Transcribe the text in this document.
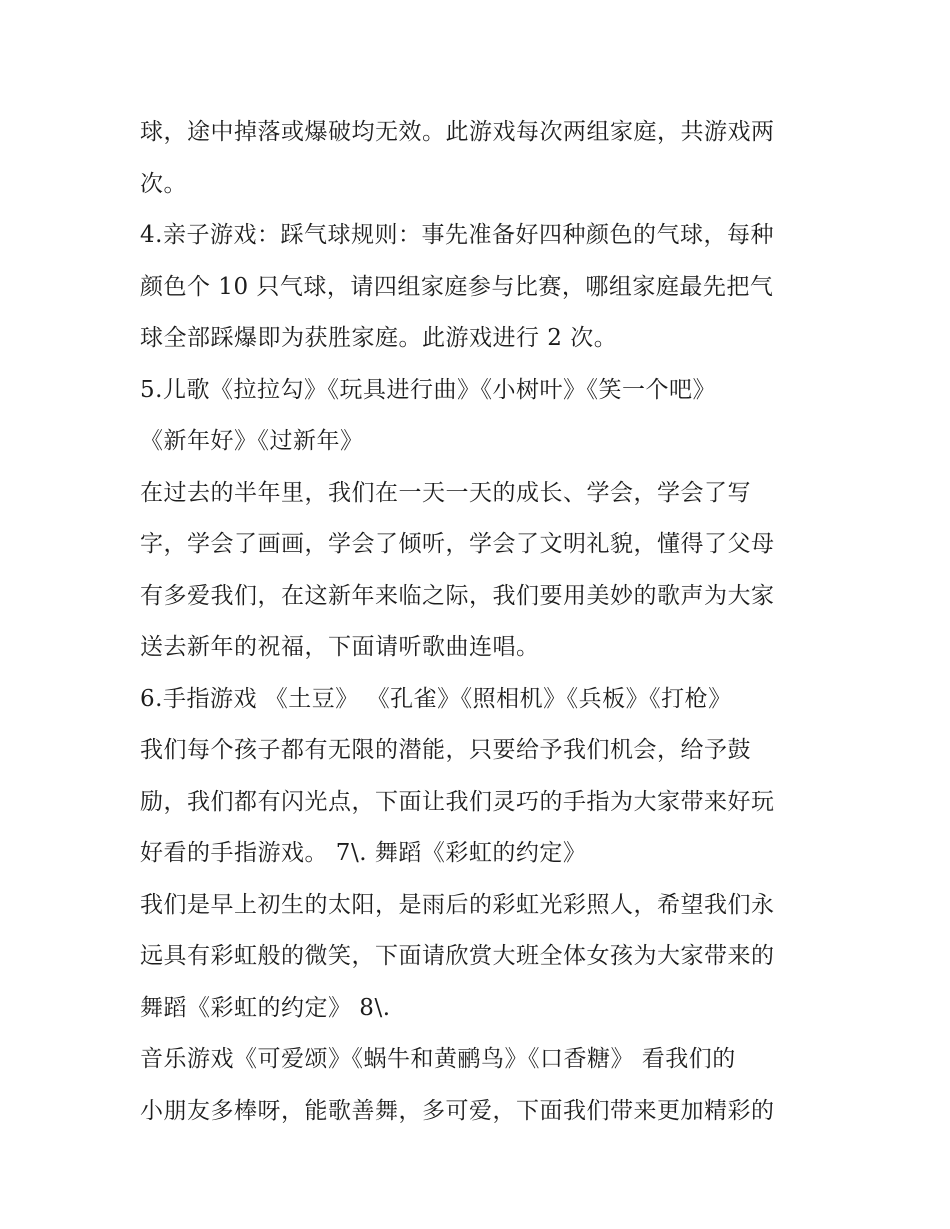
球，途中掉落或爆破均无效。此游戏每次两组家庭，共游戏两
次。
4.亲子游戏：踩气球规则：事先准备好四种颜色的气球，每种
颜色个 10 只气球，请四组家庭参与比赛，哪组家庭最先把气
球全部踩爆即为获胜家庭。此游戏进行 2 次。
5.儿歌《拉拉勾》《玩具进行曲》《小树叶》《笑一个吧》
《新年好》《过新年》
在过去的半年里，我们在一天一天的成长、学会，学会了写
字，学会了画画，学会了倾听，学会了文明礼貌，懂得了父母
有多爱我们，在这新年来临之际，我们要用美妙的歌声为大家
送去新年的祝福，下面请听歌曲连唱。
6.手指游戏 《土豆》 《孔雀》《照相机》《兵板》《打枪》
我们每个孩子都有无限的潜能，只要给予我们机会，给予鼓
励，我们都有闪光点，下面让我们灵巧的手指为大家带来好玩
好看的手指游戏。 7\. 舞蹈《彩虹的约定》
我们是早上初生的太阳，是雨后的彩虹光彩照人，希望我们永
远具有彩虹般的微笑，下面请欣赏大班全体女孩为大家带来的
舞蹈《彩虹的约定》 8\.
音乐游戏《可爱颂》《蜗牛和黄鹂鸟》《口香糖》 看我们的
小朋友多棒呀，能歌善舞，多可爱，下面我们带来更加精彩的
